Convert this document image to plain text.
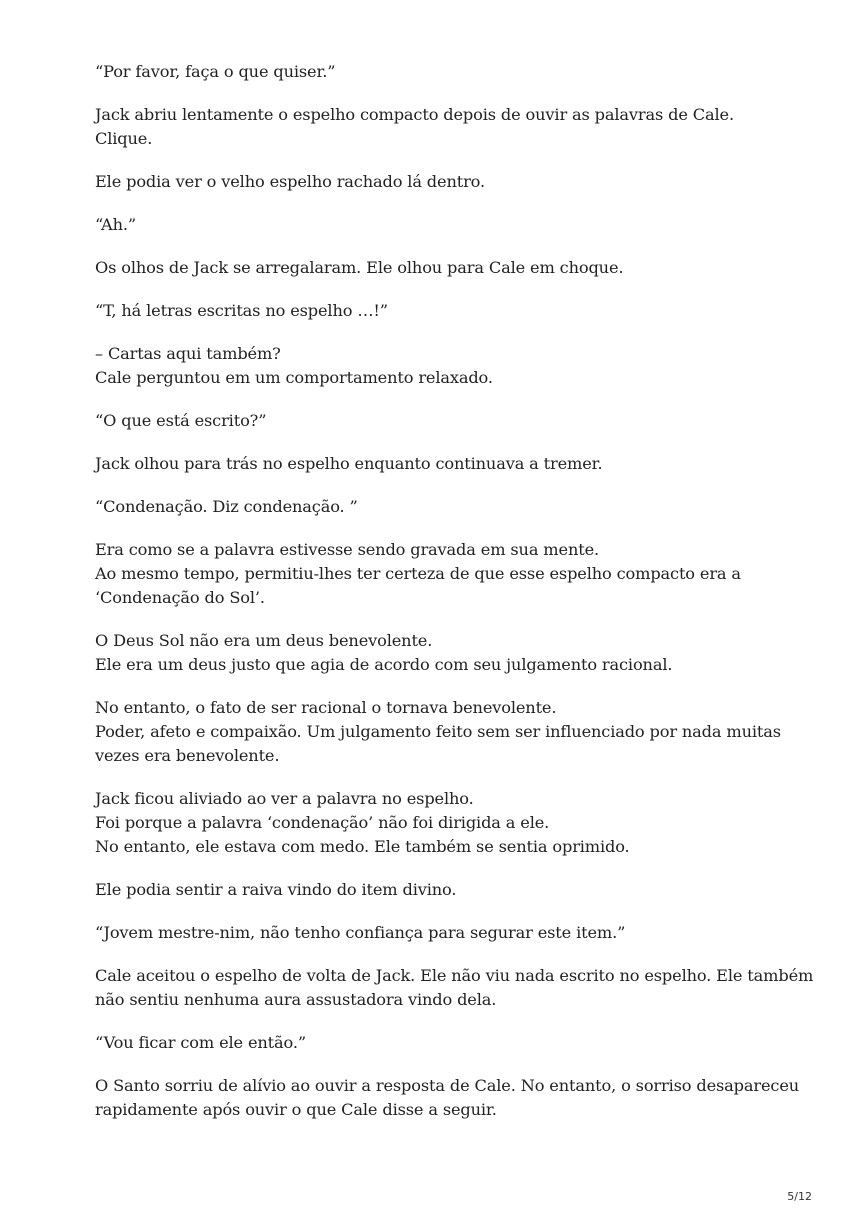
“Por favor, faça o que quiser.”

Jack abriu lentamente o espelho compacto depois de ouvir as palavras de Cale.
Clique.

Ele podia ver o velho espelho rachado lá dentro.

“Ah.”

Os olhos de Jack se arregalaram. Ele olhou para Cale em choque.

“T, há letras escritas no espelho …!”

– Cartas aqui também?
Cale perguntou em um comportamento relaxado.

“O que está escrito?”

Jack olhou para trás no espelho enquanto continuava a tremer.

“Condenação. Diz condenação. ”

Era como se a palavra estivesse sendo gravada em sua mente.
Ao mesmo tempo, permitiu-lhes ter certeza de que esse espelho compacto era a
‘Condenação do Sol’.

O Deus Sol não era um deus benevolente.
Ele era um deus justo que agia de acordo com seu julgamento racional.

No entanto, o fato de ser racional o tornava benevolente.
Poder, afeto e compaixão. Um julgamento feito sem ser influenciado por nada muitas
vezes era benevolente.

Jack ficou aliviado ao ver a palavra no espelho.
Foi porque a palavra ‘condenação’ não foi dirigida a ele.
No entanto, ele estava com medo. Ele também se sentia oprimido.

Ele podia sentir a raiva vindo do item divino.

“Jovem mestre-nim, não tenho confiança para segurar este item.”

Cale aceitou o espelho de volta de Jack. Ele não viu nada escrito no espelho. Ele também
não sentiu nenhuma aura assustadora vindo dela.

“Vou ficar com ele então.”

O Santo sorriu de alívio ao ouvir a resposta de Cale. No entanto, o sorriso desapareceu
rapidamente após ouvir o que Cale disse a seguir.

5/12
